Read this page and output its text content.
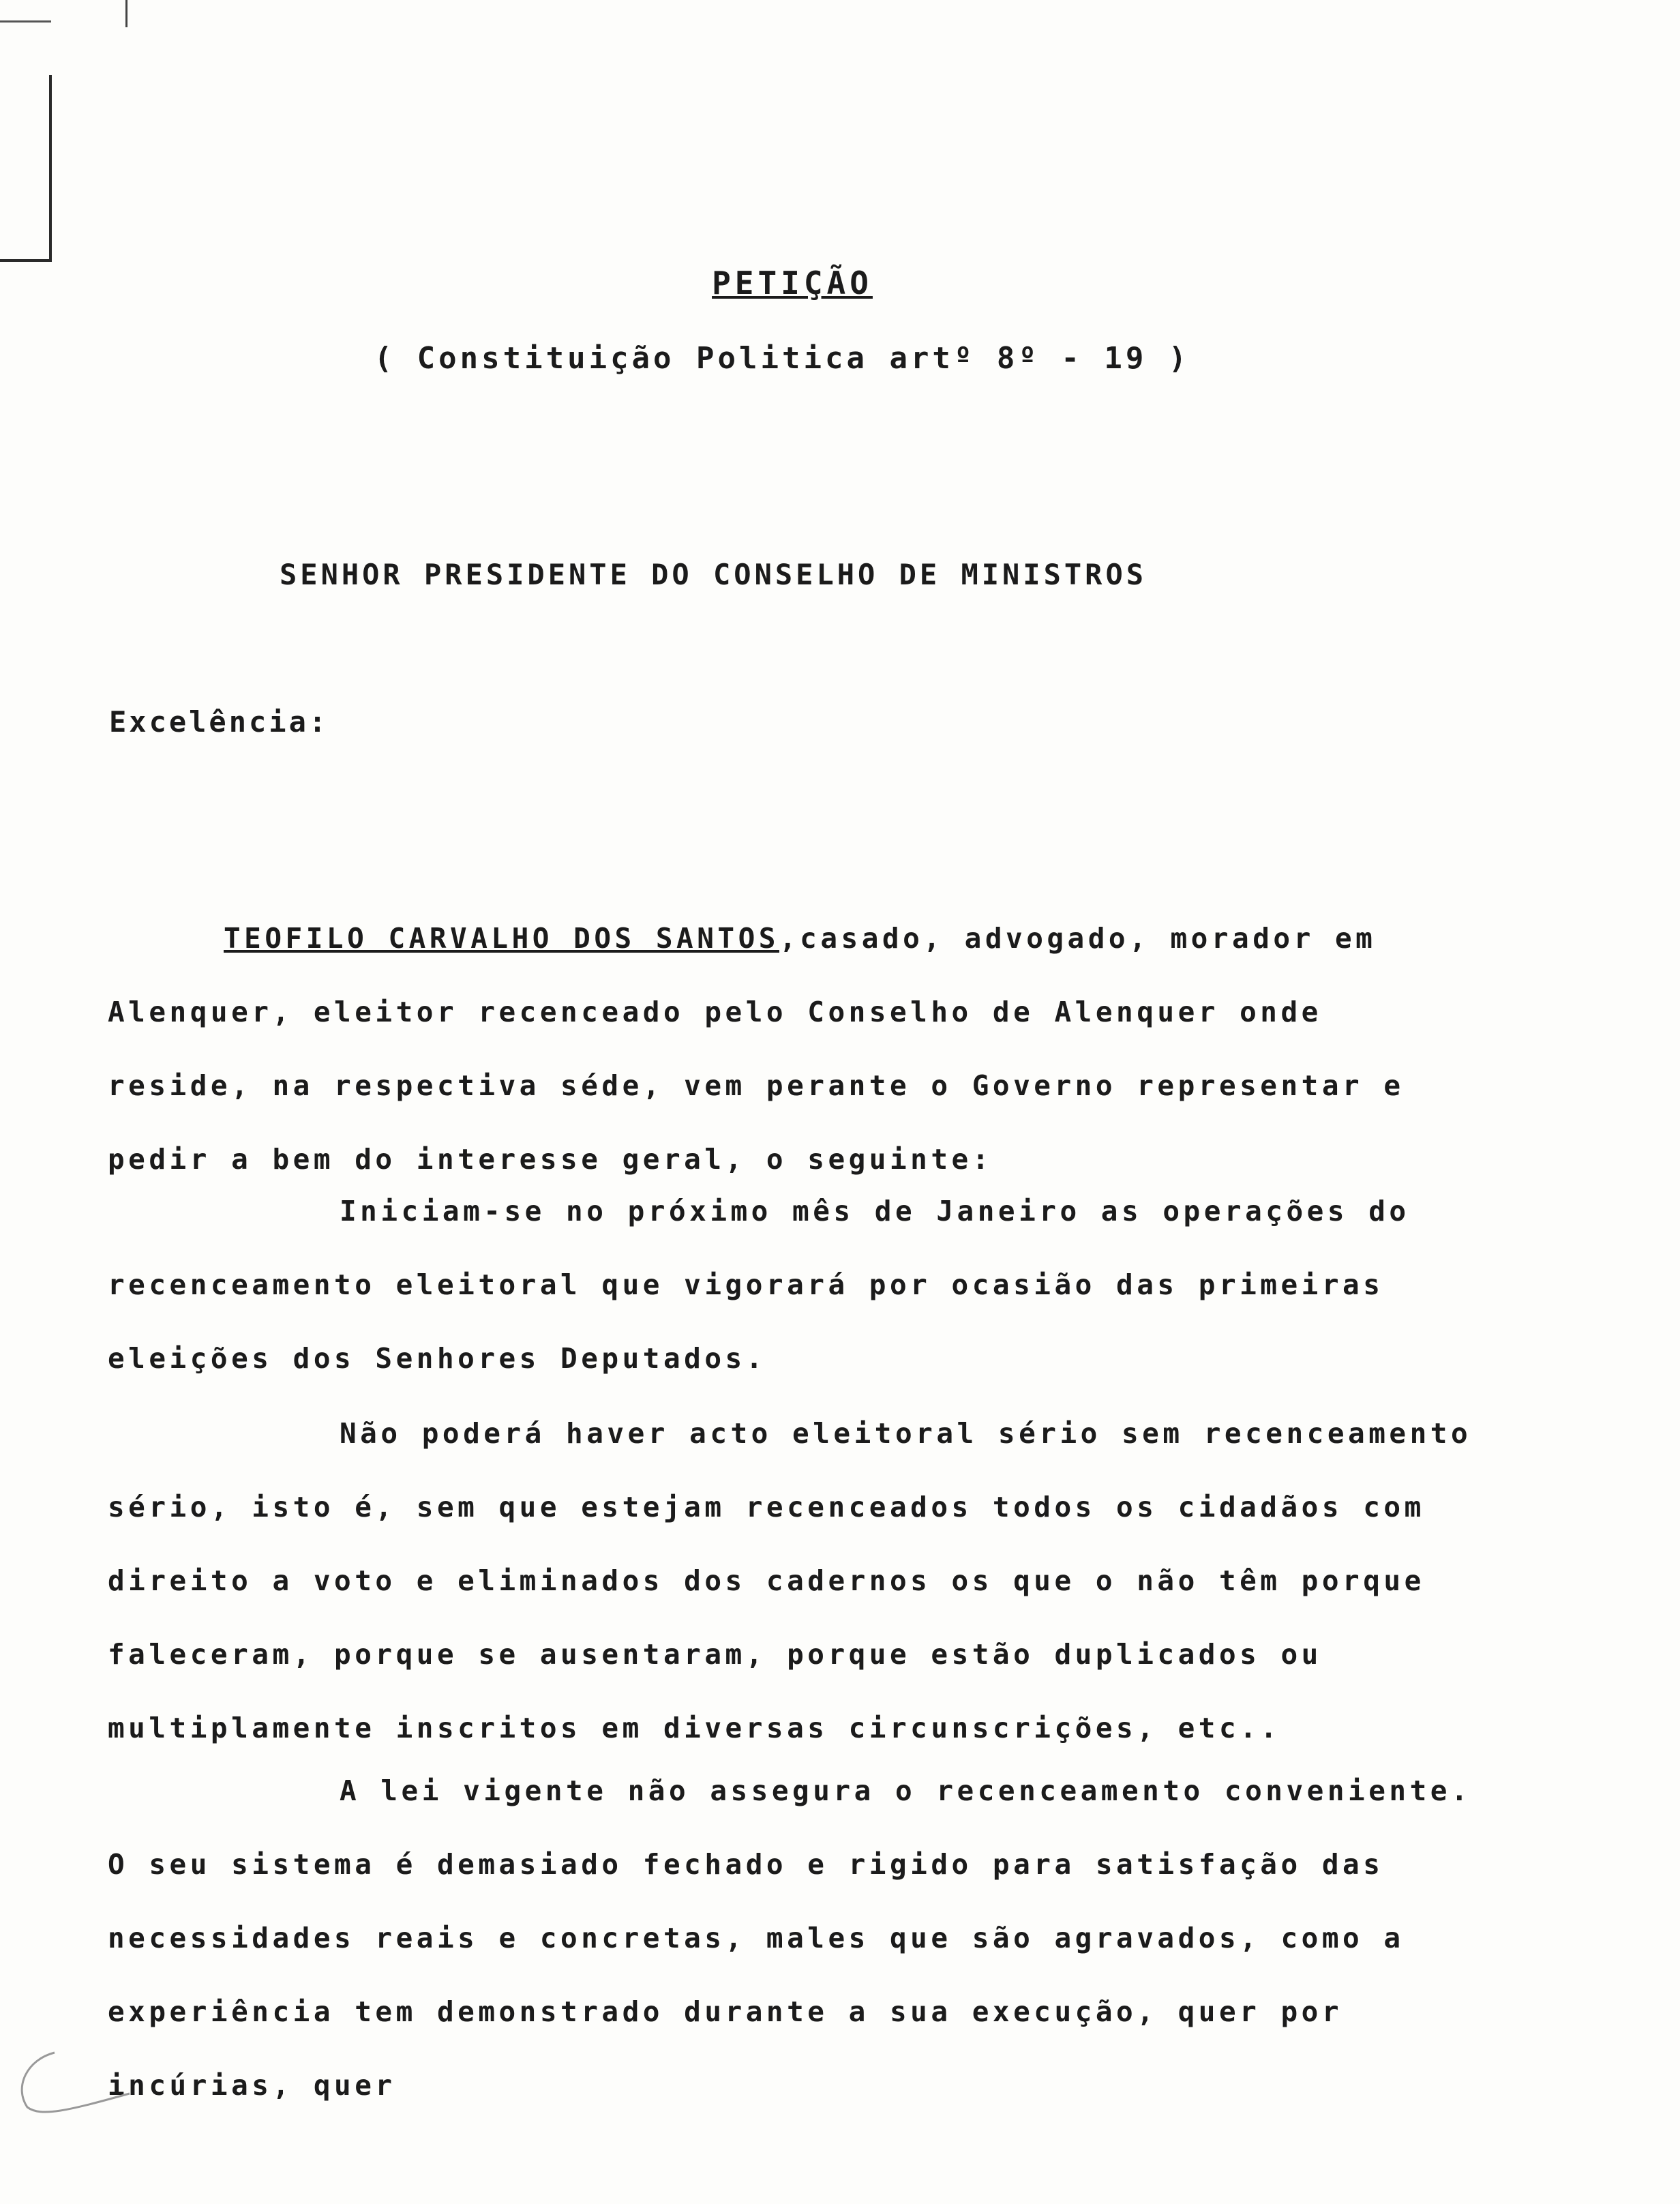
PETIÇÃO
( Constituição Politica artº 8º - 19 )
SENHOR PRESIDENTE DO CONSELHO DE MINISTROS
Excelência:

TEOFILO CARVALHO DOS SANTOS,casado, advogado, morador em Alenquer, eleitor recenceado pelo Conselho de Alenquer onde reside, na respectiva séde, vem perante o Governo representar e pedir a bem do interesse geral, o seguinte:

Iniciam-se no próximo mês de Janeiro as operações do recenceamento eleitoral que vigorará por ocasião das primeiras eleições dos Senhores Deputados.

Não poderá haver acto eleitoral sério sem recenceamento sério, isto é, sem que estejam recenceados todos os cidadãos com direito a voto e eliminados dos cadernos os que o não têm porque faleceram, porque se ausentaram, porque estão duplicados ou multiplamente inscritos em diversas circunscrições, etc..

A lei vigente não assegura o recenceamento conveniente. O seu sistema é demasiado fechado e rigido para satisfação das necessidades reais e concretas, males que são agravados, como a experiência tem demonstrado durante a sua execução, quer por incúrias, quer
